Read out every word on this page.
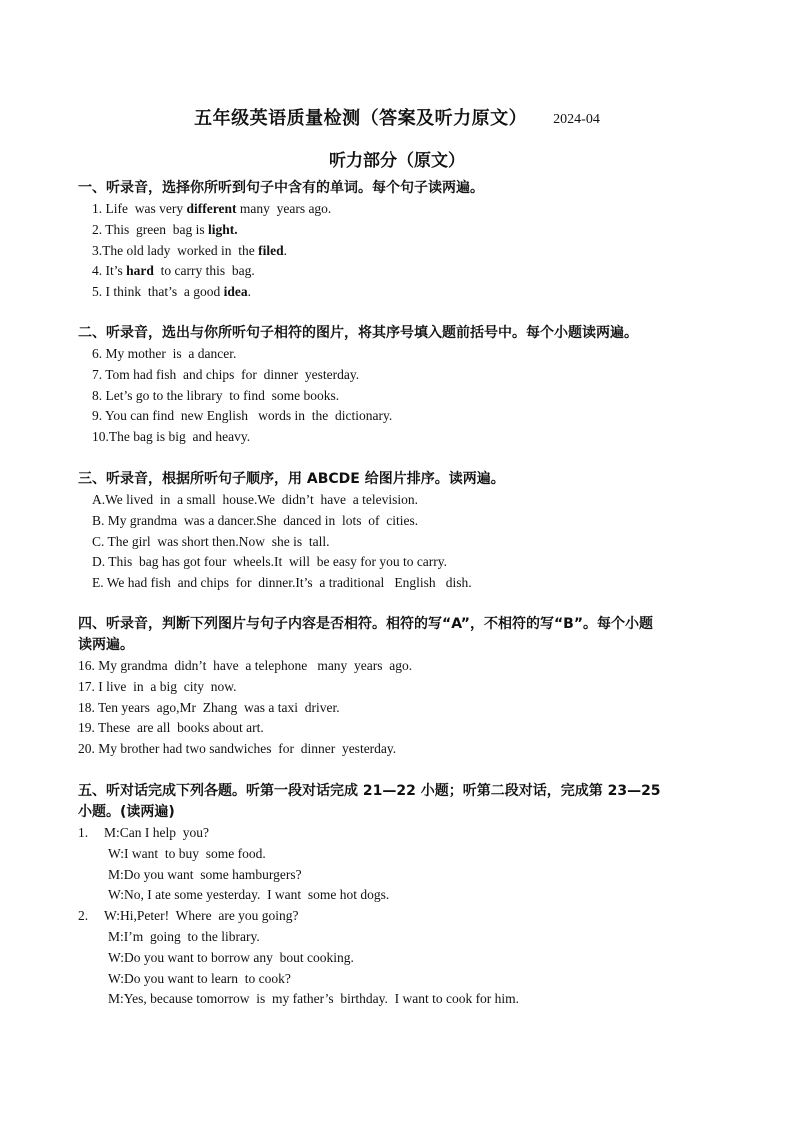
五年级英语质量检测（答案及听力原文） 2024-04
听力部分（原文）
一、听录音，选择你所听到句子中含有的单词。每个句子读两遍。
1. Life  was very different many  years ago.
2. This  green  bag is light.
3.The old lady  worked in  the filed.
4. It’s hard  to carry this  bag.
5. I think  that’s  a good idea.
二、听录音，选出与你所听句子相符的图片，将其序号填入题前括号中。每个小题读两遍。
6. My mother  is  a dancer.
7. Tom had fish  and chips  for  dinner  yesterday.
8. Let’s go to the library  to find  some books.
9. You can find  new English   words in  the  dictionary.
10.The bag is big  and heavy.
三、听录音，根据所听句子顺序，用 ABCDE 给图片排序。读两遍。
A.We lived  in  a small  house.We  didn’t  have  a television.
B. My grandma  was a dancer.She  danced in  lots  of  cities.
C. The girl  was short then.Now  she is  tall.
D. This  bag has got four  wheels.It  will  be easy for you to carry.
E. We had fish  and chips  for  dinner.It’s  a traditional   English   dish.
四、听录音，判断下列图片与句子内容是否相符。相符的写“A”，不相符的写“B”。每个小题
读两遍。
16. My grandma  didn’t  have  a telephone   many  years  ago.
17. I live  in  a big  city  now.
18. Ten years  ago,Mr  Zhang  was a taxi  driver.
19. These  are all  books about art.
20. My brother had two sandwiches  for  dinner  yesterday.
五、听对话完成下列各题。听第一段对话完成 21—22 小题；听第二段对话，完成第 23—25
小题。(读两遍)
1. M:Can I help  you?
W:I want  to buy  some food.
M:Do you want  some hamburgers?
W:No, I ate some yesterday.  I want  some hot dogs.
2. W:Hi,Peter!  Where  are you going?
M:I’m  going  to the library.
W:Do you want to borrow any  bout cooking.
W:Do you want to learn  to cook?
M:Yes, because tomorrow  is  my father’s  birthday.  I want to cook for him.
